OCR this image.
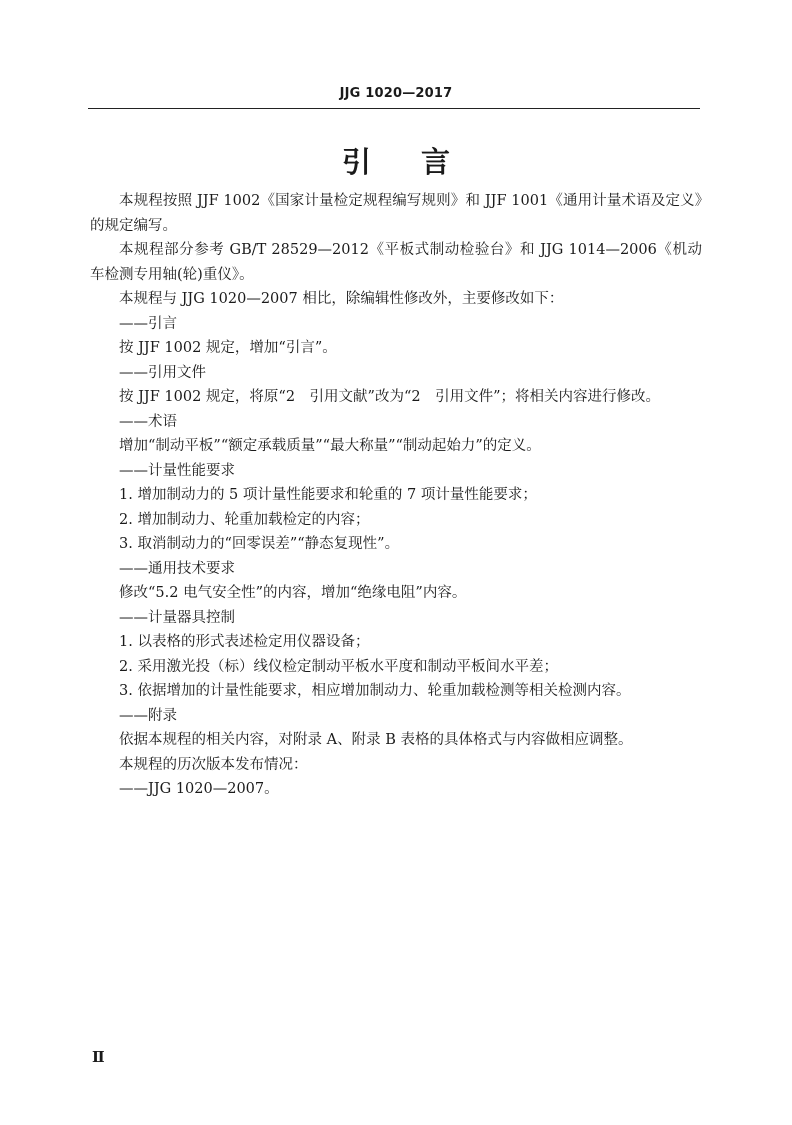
JJG 1020—2017
引言

本规程按照 JJF 1002《国家计量检定规程编写规则》和 JJF 1001《通用计量术语及定义》的规定编写。

本规程部分参考 GB/T 28529—2012《平板式制动检验台》和 JJG 1014—2006《机动车检测专用轴(轮)重仪》。

本规程与 JJG 1020—2007 相比，除编辑性修改外，主要修改如下：

——引言

按 JJF 1002 规定，增加“引言”。

——引用文件

按 JJF 1002 规定，将原“2　引用文献”改为“2　引用文件”；将相关内容进行修改。

——术语

增加“制动平板”“额定承载质量”“最大称量”“制动起始力”的定义。

——计量性能要求

1. 增加制动力的 5 项计量性能要求和轮重的 7 项计量性能要求；

2. 增加制动力、轮重加载检定的内容；

3. 取消制动力的“回零误差”“静态复现性”。

——通用技术要求

修改“5.2 电气安全性”的内容，增加“绝缘电阻”内容。

——计量器具控制

1. 以表格的形式表述检定用仪器设备；

2. 采用激光投（标）线仪检定制动平板水平度和制动平板间水平差；

3. 依据增加的计量性能要求，相应增加制动力、轮重加载检测等相关检测内容。

——附录

依据本规程的相关内容，对附录 A、附录 B 表格的具体格式与内容做相应调整。

本规程的历次版本发布情况：

——JJG 1020—2007。

Ⅱ
